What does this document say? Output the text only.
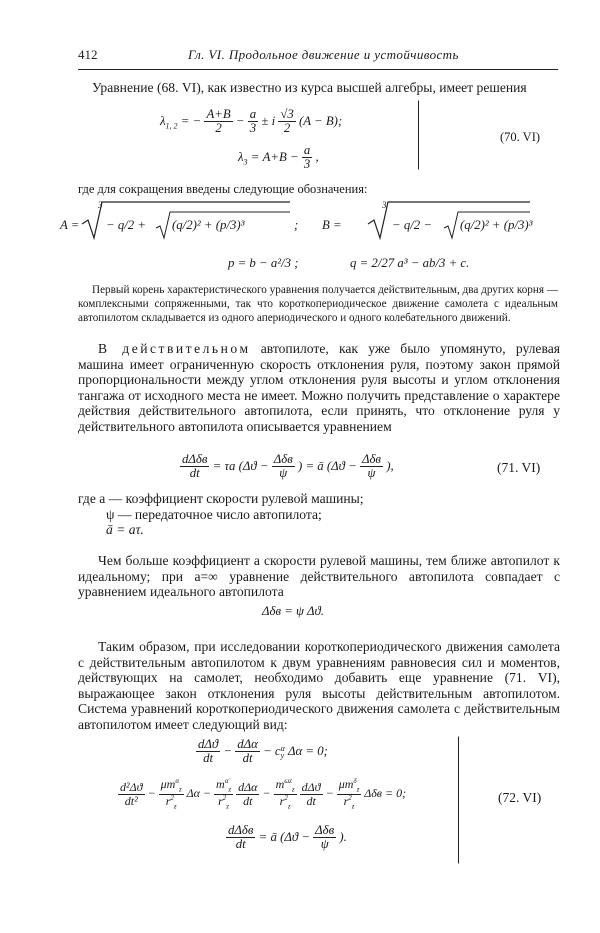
412	Гл. VI. Продольное движение и устойчивость
Уравнение (68. VI), как известно из курса высшей алгебры, имеет решения
$\lambda_{1, 2}$ = − $\frac{A+B}{2} - \frac{a}{3} \pm i \frac{√3}{2} (A - B)$;
$\lambda_3 = A+B - \frac{a}{3}$ ,
(70. VI)
где для сокращения введены следующие обозначения:
A =
3
− q/2 + (q/2)² + (p/3)³	; B =
3
− q/2 − (q/2)² + (p/3)³
p = b − a²/3 ;	q = 2/27 a³ − ab/3 + c.
Первый корень характеристического уравнения получается действительным, два других корня — комплексными сопряженными, так что короткопериодическое движение самолета с идеальным автопилотом складывается из одного апериодического и одного колебательного движений.
В действительном автопилоте, как уже было упомянуто, рулевая машина имеет ограниченную скорость отклонения руля, поэтому закон прямой пропорциональности между углом отклонения руля высоты и углом отклонения тангажа от исходного места не имеет. Можно получить представление о характере действия действительного автопилота, если принять, что отклонение руля у действительного автопилота описывается уравнением
$\frac{\text{dΔδв}}{dt} = \tau a$ ($\Delta ϑ - \frac{\text{Δδв}}{\psi}$ ) = ā ($\Delta ϑ - \frac{\text{Δδв}}{\psi}$ ),	(71. VI)
где a — коэффициент скорости рулевой машины;
ψ — передаточное число автопилота;
ā = aτ.
Чем больше коэффициент a скорости рулевой машины, тем ближе автопилот к идеальному; при a=∞ уравнение действительного автопилота совпадает с уравнением идеального автопилота
Δδв = ψ Δϑ.
Таким образом, при исследовании короткопериодического движения самолета с действительным автопилотом к двум уравнениям равновесия сил и моментов, действующих на самолет, необходимо добавить еще уравнение (71. VI), выражающее закон отклонения руля высоты действительным автопилотом. Система уравнений короткопериодического движения самолета с действительным автопилотом имеет следующий вид:
$\frac{\text{dΔϑ}}{dt} - \frac{\text{dΔα}}{dt} - c$ α
y Δα = 0;
$\frac{\text{d²Δϑ}}{\text{dt²}} - \frac{\mu m^\alpha_z}{r^2_z}$ $\Delta\alpha - \frac{m^{\alphȧ}_z}{r^2_z}$
$\frac{\text{dΔα}}{dt} - \frac{m^{\omega z}_z}{r^2_z}$
$\frac{\text{dΔϑ}}{dt} - \frac{\mu m^\delta_z}{r^2_z}$ Δδв = 0;
$\frac{\text{dΔδв}}{dt}$ = ā ($\Delta ϑ - \frac{\text{Δδв}}{\psi}$ ).
(72. VI)
